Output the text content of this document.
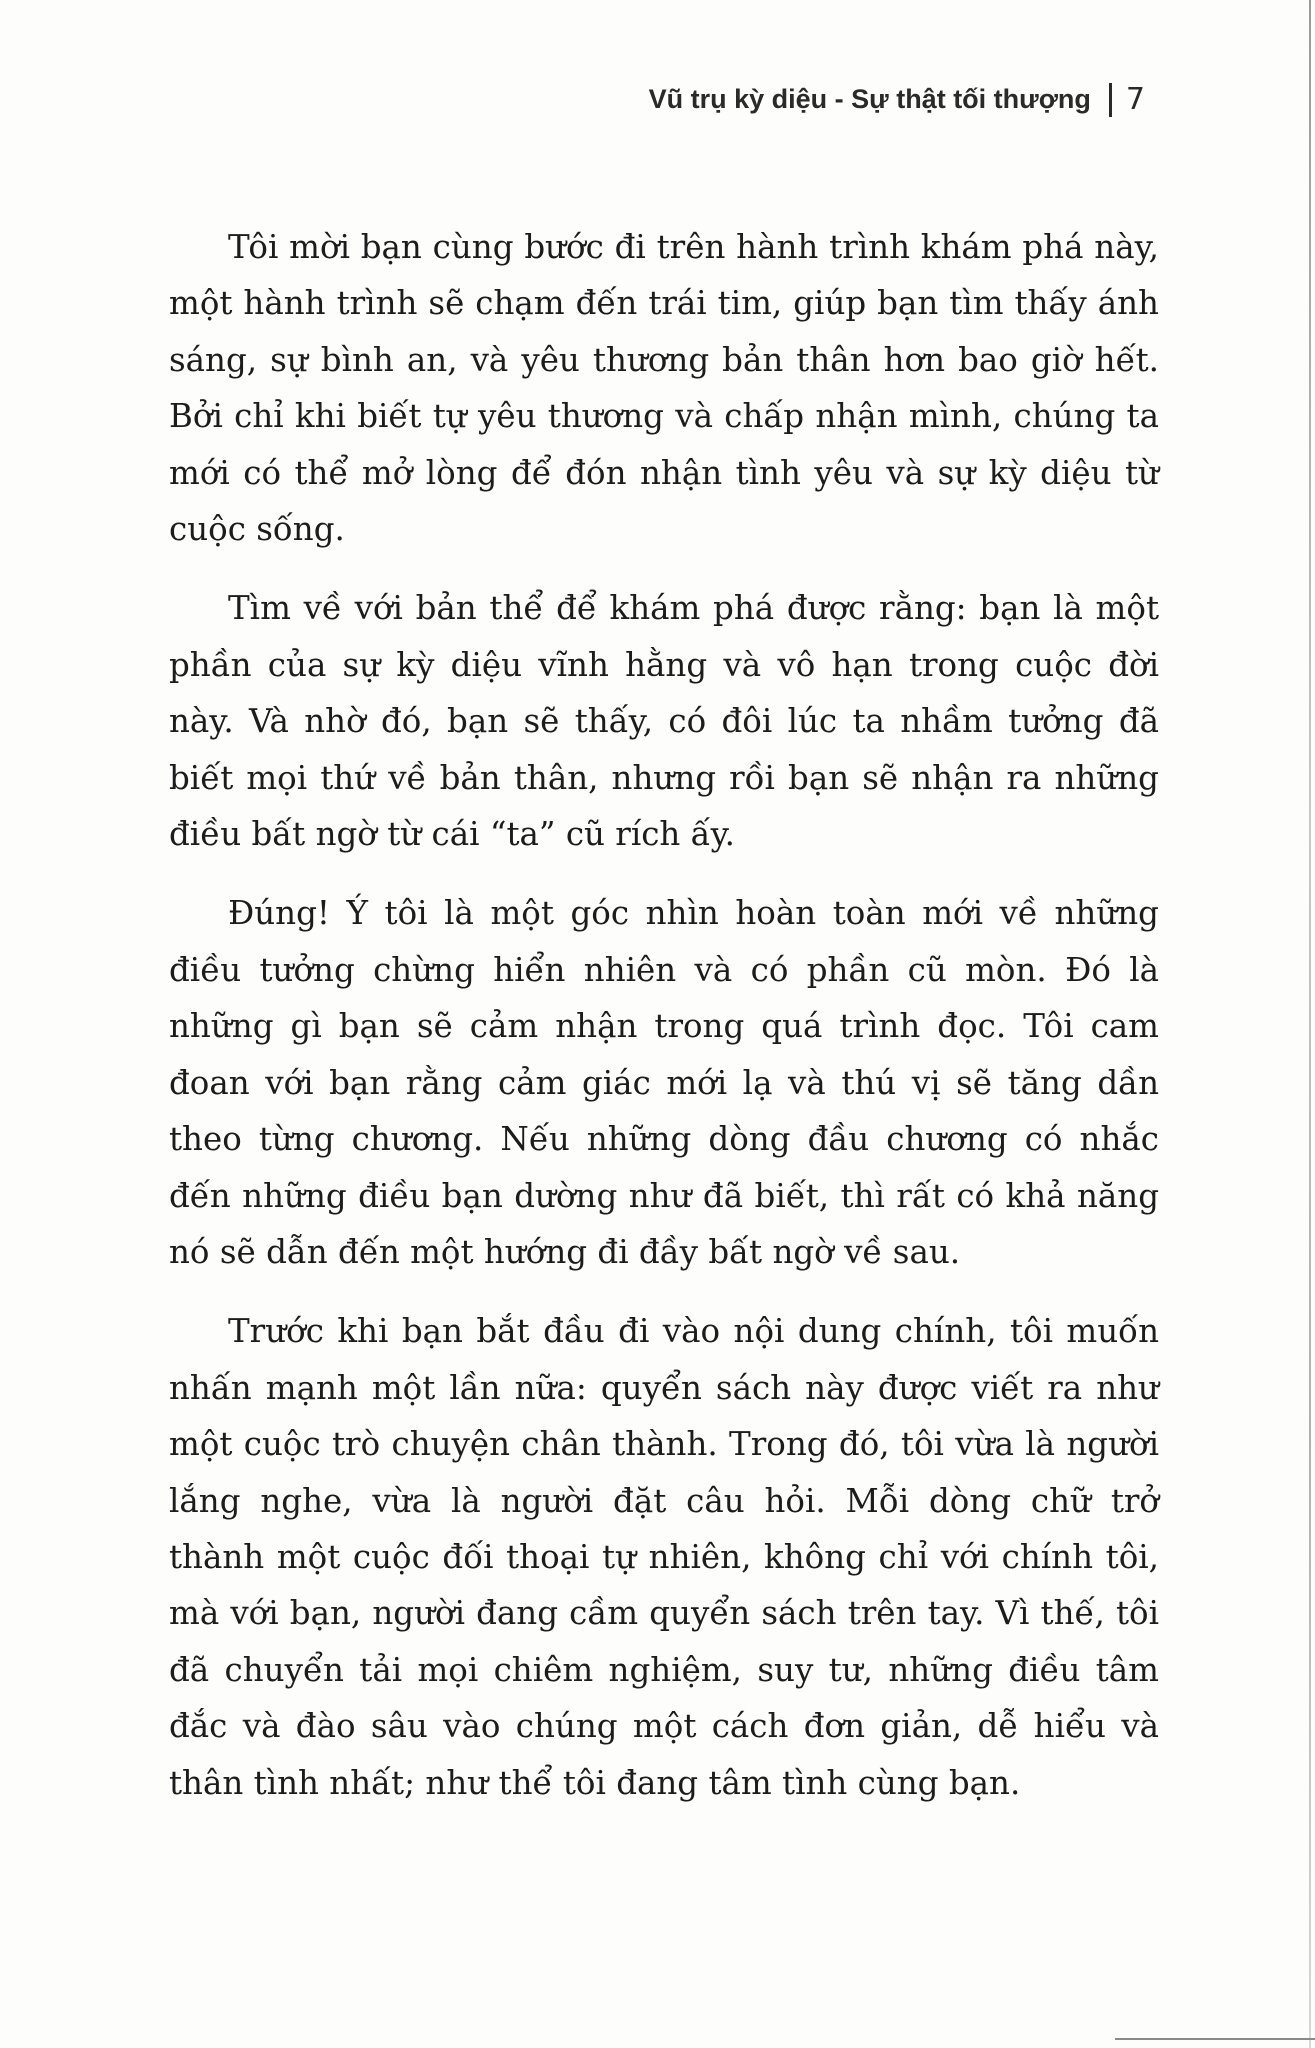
Vũ trụ kỳ diệu - Sự thật tối thượng 7

Tôi mời bạn cùng bước đi trên hành trình khám phá này, một hành trình sẽ chạm đến trái tim, giúp bạn tìm thấy ánh sáng, sự bình an, và yêu thương bản thân hơn bao giờ hết. Bởi chỉ khi biết tự yêu thương và chấp nhận mình, chúng ta mới có thể mở lòng để đón nhận tình yêu và sự kỳ diệu từ cuộc sống.

Tìm về với bản thể để khám phá được rằng: bạn là một phần của sự kỳ diệu vĩnh hằng và vô hạn trong cuộc đời này. Và nhờ đó, bạn sẽ thấy, có đôi lúc ta nhầm tưởng đã biết mọi thứ về bản thân, nhưng rồi bạn sẽ nhận ra những điều bất ngờ từ cái “ta” cũ rích ấy.

Đúng! Ý tôi là một góc nhìn hoàn toàn mới về những điều tưởng chừng hiển nhiên và có phần cũ mòn. Đó là những gì bạn sẽ cảm nhận trong quá trình đọc. Tôi cam đoan với bạn rằng cảm giác mới lạ và thú vị sẽ tăng dần theo từng chương. Nếu những dòng đầu chương có nhắc đến những điều bạn dường như đã biết, thì rất có khả năng nó sẽ dẫn đến một hướng đi đầy bất ngờ về sau.

Trước khi bạn bắt đầu đi vào nội dung chính, tôi muốn nhấn mạnh một lần nữa: quyển sách này được viết ra như một cuộc trò chuyện chân thành. Trong đó, tôi vừa là người lắng nghe, vừa là người đặt câu hỏi. Mỗi dòng chữ trở thành một cuộc đối thoại tự nhiên, không chỉ với chính tôi, mà với bạn, người đang cầm quyển sách trên tay. Vì thế, tôi đã chuyển tải mọi chiêm nghiệm, suy tư, những điều tâm đắc và đào sâu vào chúng một cách đơn giản, dễ hiểu và thân tình nhất; như thể tôi đang tâm tình cùng bạn.
